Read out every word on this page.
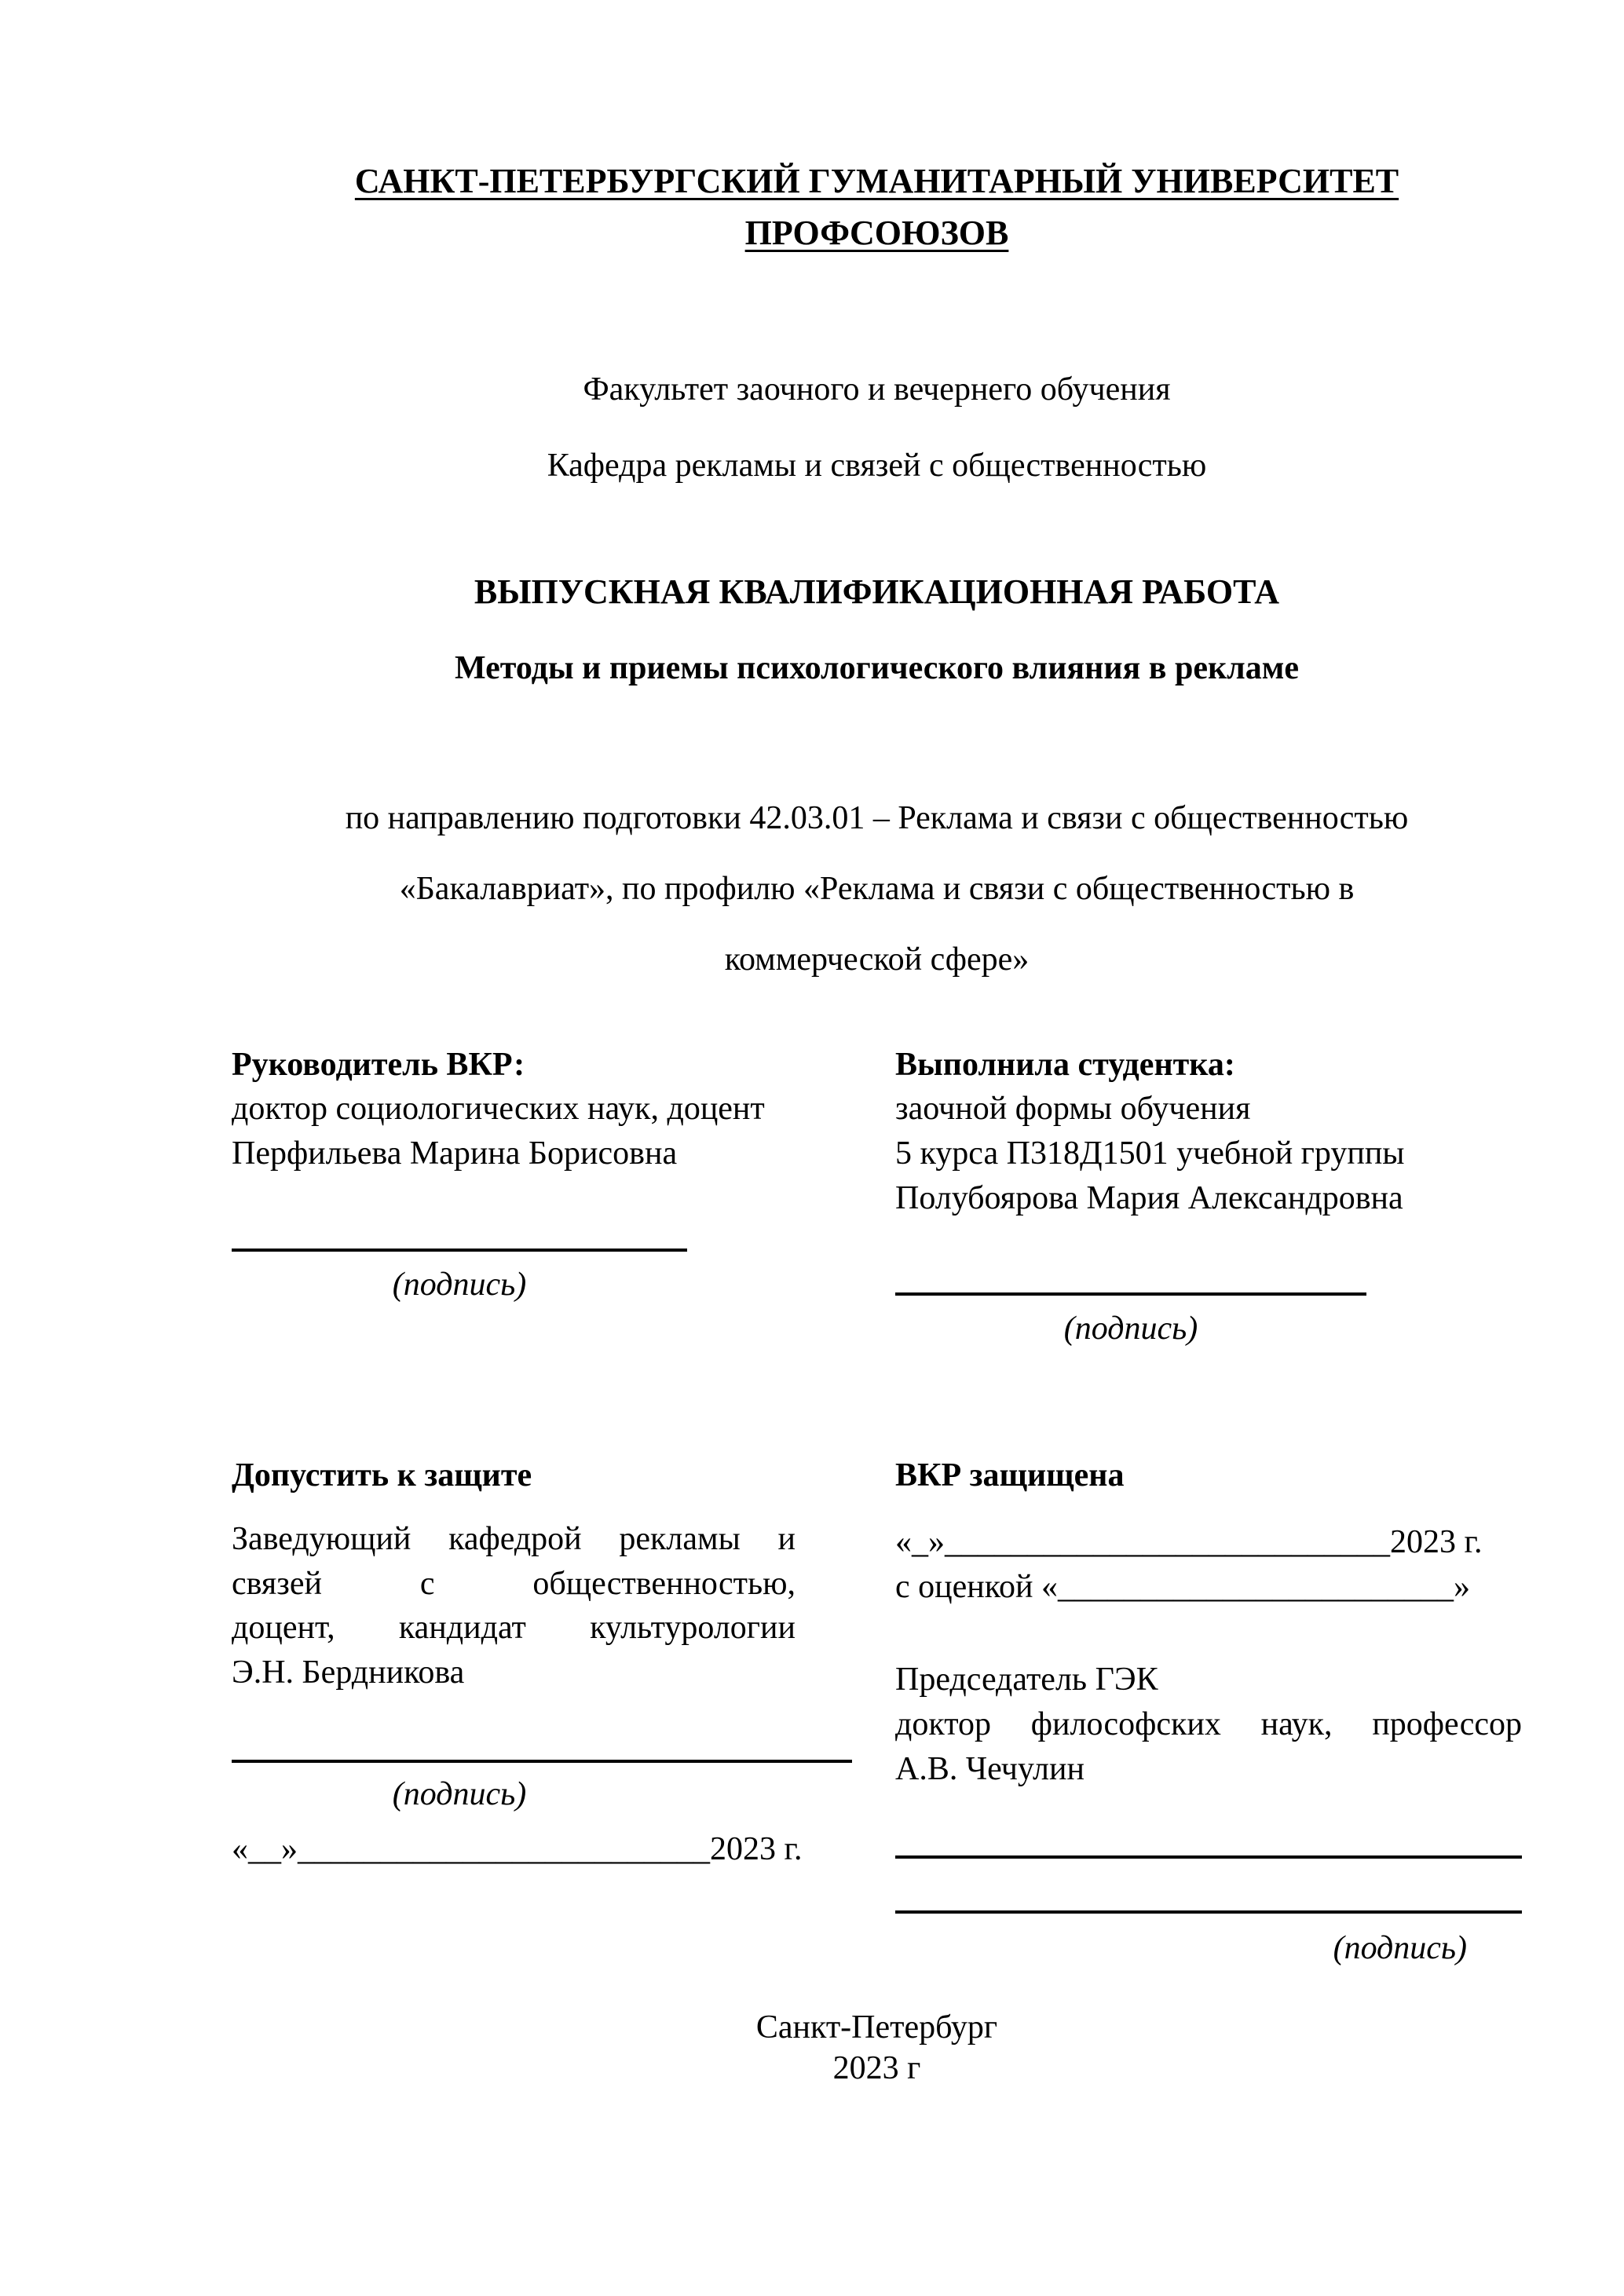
САНКТ-ПЕТЕРБУРГСКИЙ ГУМАНИТАРНЫЙ УНИВЕРСИТЕТ ПРОФСОЮЗОВ
Факультет заочного и вечернего обучения
Кафедра рекламы и связей с общественностью
ВЫПУСКНАЯ КВАЛИФИКАЦИОННАЯ РАБОТА
Методы и приемы психологического влияния в рекламе
по направлению подготовки 42.03.01 – Реклама и связи с общественностью
«Бакалавриат», по профилю «Реклама и связи с общественностью в
коммерческой сфере»
Руководитель ВКР:
доктор социологических наук, доцент
Перфильева Марина Борисовна
(подпись)
Выполнила студентка:
заочной формы обучения
5 курса П318Д1501 учебной группы
Полубоярова Мария Александровна
(подпись)
Допустить к защите
Заведующий кафедрой рекламы и
связей с общественностью,
доцент, кандидат культурологии
Э.Н. Бердникова
(подпись)
«__»_________________________2023 г.
ВКР защищена
«_»___________________________2023 г.
с оценкой «________________________»
Председатель ГЭК
доктор философских наук, профессор
А.В. Чечулин
(подпись)
Санкт-Петербург
2023 г
